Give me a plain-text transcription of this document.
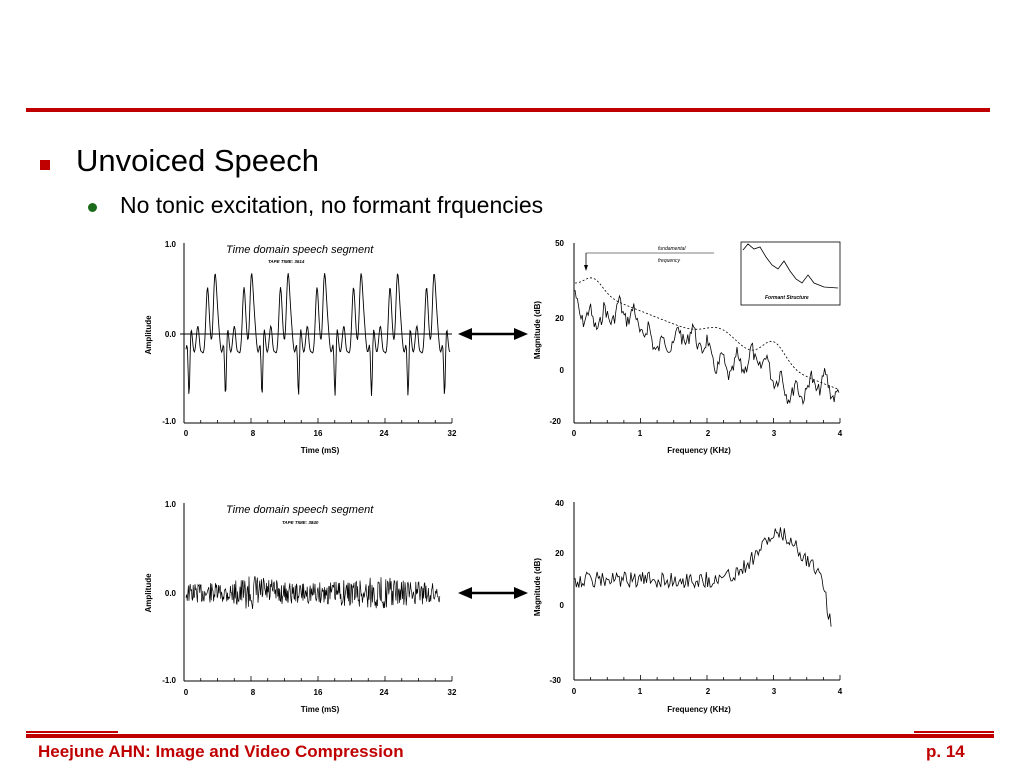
Unvoiced Speech
No tonic excitation, no formant frquencies
Time domain speech segment
TAPE TIME: 3614
Amplitude
1.0
0.0
-1.0
0	8	16	24	32
Time (mS)
Magnitude (dB)
50
20
0
-20
fundamental
frequency
Formant Structure
0	1	2	3	4
Frequency (KHz)
Time domain speech segment
TAPE TIME: 3840
Amplitude
1.0
0.0
-1.0
0	8	16	24	32
Time (mS)
Magnitude (dB)
40
20
0
-30
0	1	2	3	4
Frequency (KHz)
Heejune AHN: Image and Video Compression	p. 14
